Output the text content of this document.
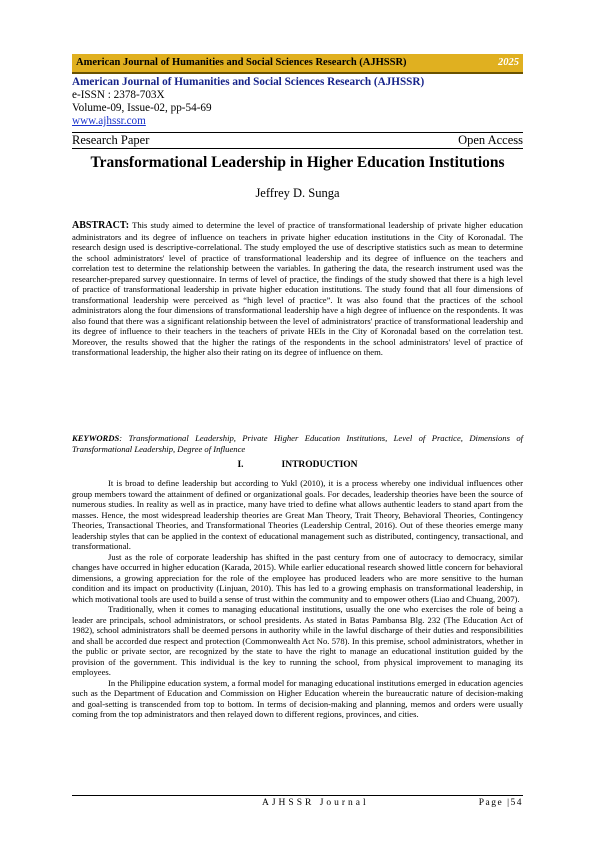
American Journal of Humanities and Social Sciences Research (AJHSSR)	2025
American Journal of Humanities and Social Sciences Research (AJHSSR)
e-ISSN : 2378-703X
Volume-09, Issue-02, pp-54-69
www.ajhssr.com
Research Paper	Open Access
Transformational Leadership in Higher Education Institutions
Jeffrey D. Sunga
ABSTRACT: This study aimed to determine the level of practice of transformational leadership of private higher education administrators and its degree of influence on teachers in private higher education institutions in the City of Koronadal. The research design used is descriptive-correlational. The study employed the use of descriptive statistics such as mean to determine the school administrators' level of practice of transformational leadership and its degree of influence on the teachers and correlation test to determine the relationship between the variables. In gathering the data, the research instrument used was the researcher-prepared survey questionnaire. In terms of level of practice, the findings of the study showed that there is a high level of practice of transformational leadership in private higher education institutions. The study found that all four dimensions of transformational leadership were perceived as “high level of practice”. It was also found that the practices of the school administrators along the four dimensions of transformational leadership have a high degree of influence on the respondents. It was also found that there was a significant relationship between the level of administrators' practice of transformational leadership and its degree of influence to their teachers in the teachers of private HEIs in the City of Koronadal based on the correlation test. Moreover, the results showed that the higher the ratings of the respondents in the school administrators' level of practice of transformational leadership, the higher also their rating on its degree of influence on them.
KEYWORDS: Transformational Leadership, Private Higher Education Institutions, Level of Practice, Dimensions of Transformational Leadership, Degree of Influence
I.	INTRODUCTION

It is broad to define leadership but according to Yukl (2010), it is a process whereby one individual influences other group members toward the attainment of defined or organizational goals. For decades, leadership theories have been the source of numerous studies. In reality as well as in practice, many have tried to define what allows authentic leaders to stand apart from the masses. Hence, the most widespread leadership theories are Great Man Theory, Trait Theory, Behavioral Theories, Contingency Theories, Transactional Theories, and Transformational Theories (Leadership Central, 2016). Out of these theories emerge many leadership styles that can be applied in the context of educational management such as distributed, contingency, transactional, and transformational.

Just as the role of corporate leadership has shifted in the past century from one of autocracy to democracy, similar changes have occurred in higher education (Karada, 2015). While earlier educational research showed little concern for behavioral dimensions, a growing appreciation for the role of the employee has produced leaders who are more sensitive to the human condition and its impact on productivity (Linjuan, 2010). This has led to a growing emphasis on transformational leadership, in which motivational tools are used to build a sense of trust within the community and to empower others (Liao and Chuang, 2007).

Traditionally, when it comes to managing educational institutions, usually the one who exercises the role of being a leader are principals, school administrators, or school presidents. As stated in Batas Pambansa Blg. 232 (The Education Act of 1982), school administrators shall be deemed persons in authority while in the lawful discharge of their duties and responsibilities and shall be accorded due respect and protection (Commonwealth Act No. 578). In this premise, school administrators, whether in the public or private sector, are recognized by the state to have the right to manage an educational institution guided by the provision of the government. This individual is the key to running the school, from physical improvement to managing its employees.

In the Philippine education system, a formal model for managing educational institutions emerged in education agencies such as the Department of Education and Commission on Higher Education wherein the bureaucratic nature of decision-making and goal-setting is transcended from top to bottom. In terms of decision-making and planning, memos and orders were usually coming from the top administrators and then relayed down to different regions, provinces, and cities.

AJHSSR Journal	Page |54
